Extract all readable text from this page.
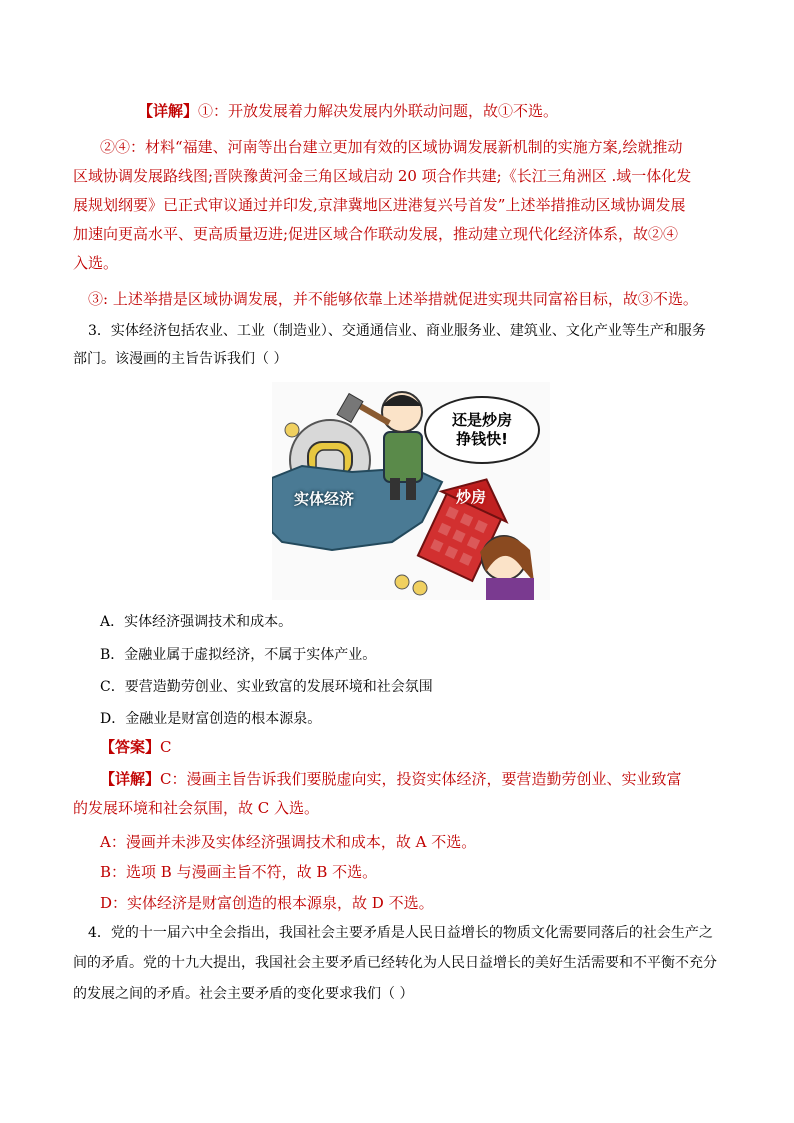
【详解】①：开放发展着力解决发展内外联动问题，故①不选。

②④：材料“福建、河南等出台建立更加有效的区域协调发展新机制的实施方案,绘就推动

区域协调发展路线图;晋陕豫黄河金三角区域启动 20 项合作共建;《长江三角洲区 .域一体化发

展规划纲要》已正式审议通过并印发,京津冀地区进港复兴号首发”上述举措推动区域协调发展

加速向更高水平、更高质量迈进;促进区域合作联动发展，推动建立现代化经济体系，故②④

入选。

③: 上述举措是区域协调发展，并不能够依靠上述举措就促进实现共同富裕目标，故③不选。

3．实体经济包括农业、工业（制造业）、交通通信业、商业服务业、建筑业、文化产业等生产和服务

部门。该漫画的主旨告诉我们（ ）

还是炒房
挣钱快!
实体经济	炒房

A．实体经济强调技术和成本。

B．金融业属于虚拟经济，不属于实体产业。

C．要营造勤劳创业、实业致富的发展环境和社会氛围

D．金融业是财富创造的根本源泉。

【答案】C

【详解】C：漫画主旨告诉我们要脱虚向实，投资实体经济，要营造勤劳创业、实业致富

的发展环境和社会氛围，故 C 入选。

A：漫画并未涉及实体经济强调技术和成本，故 A 不选。

B：选项 B 与漫画主旨不符，故 B 不选。

D：实体经济是财富创造的根本源泉，故 D 不选。

4．党的十一届六中全会指出，我国社会主要矛盾是人民日益增长的物质文化需要同落后的社会生产之

间的矛盾。党的十九大提出，我国社会主要矛盾已经转化为人民日益增长的美好生活需要和不平衡不充分

的发展之间的矛盾。社会主要矛盾的变化要求我们（ ）
